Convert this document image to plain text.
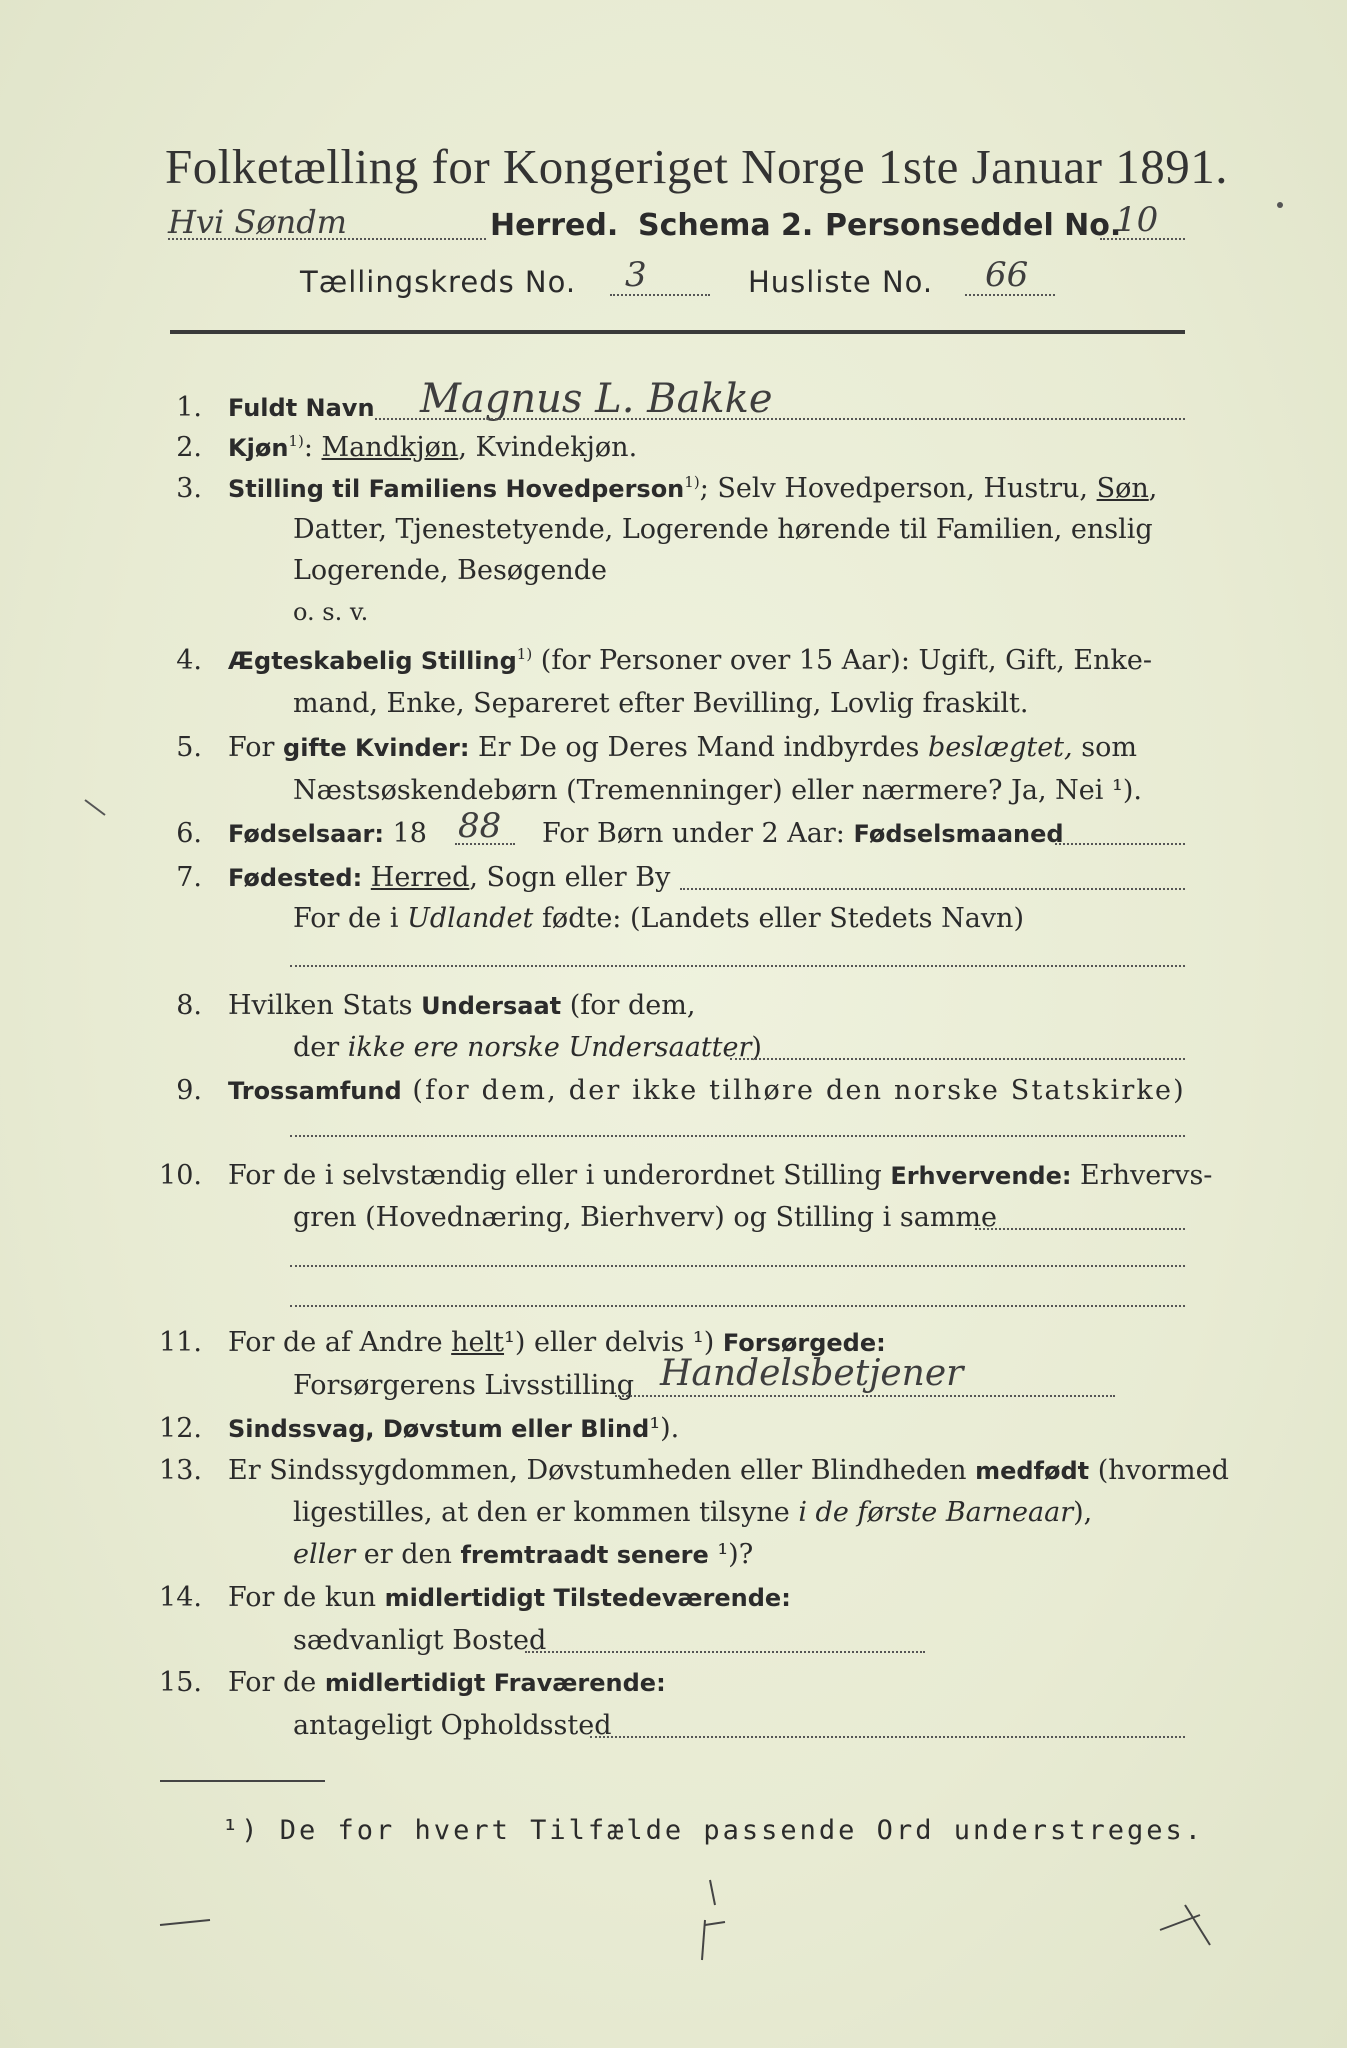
Folketælling for Kongeriget Norge 1ste Januar 1891.
Hvi Søndm	Herred. Schema 2. Personseddel No.
10
Tællingskreds No. 3	Husliste No. 66
1. Fuldt Navn Magnus L. Bakke
2. Kjøn$^{1)}$: Mandkjøn, Kvindekjøn.
3. Stilling til Familiens Hovedperson$^{1)}$; Selv Hovedperson, Hustru, Søn,
Datter, Tjenestetyende, Logerende hørende til Familien, enslig
Logerende, Besøgende
o. s. v.
4. Ægteskabelig Stilling$^{1)}$ (for Personer over 15 Aar): Ugift, Gift, Enke-
mand, Enke, Separeret efter Bevilling, Lovlig fraskilt.
5. For gifte Kvinder: Er De og Deres Mand indbyrdes beslægtet, som
Næstsøskendebørn (Tremenninger) eller nærmere? Ja, Nei ¹).
6. Fødselsaar: 18 88 For Børn under 2 Aar: Fødselsmaaned
7. Fødested: Herred, Sogn eller By
For de i Udlandet fødte: (Landets eller Stedets Navn)
8. Hvilken Stats Undersaat (for dem,
der ikke ere norske Undersaatter)
9. Trossamfund (for dem, der ikke tilhøre den norske Statskirke)
10. For de i selvstændig eller i underordnet Stilling Erhvervende: Erhvervs-
gren (Hovednæring, Bierhverv) og Stilling i samme
11. For de af Andre helt¹) eller delvis ¹) Forsørgede:
Forsørgerens Livsstilling Handelsbetjener
12. Sindssvag, Døvstum eller Blind¹).
13. Er Sindssygdommen, Døvstumheden eller Blindheden medfødt (hvormed
ligestilles, at den er kommen tilsyne i de første Barneaar),
eller er den fremtraadt senere ¹)?
14. For de kun midlertidigt Tilstedeværende:
sædvanligt Bosted
15. For de midlertidigt Fraværende:
antageligt Opholdssted
¹) De for hvert Tilfælde passende Ord understreges.
